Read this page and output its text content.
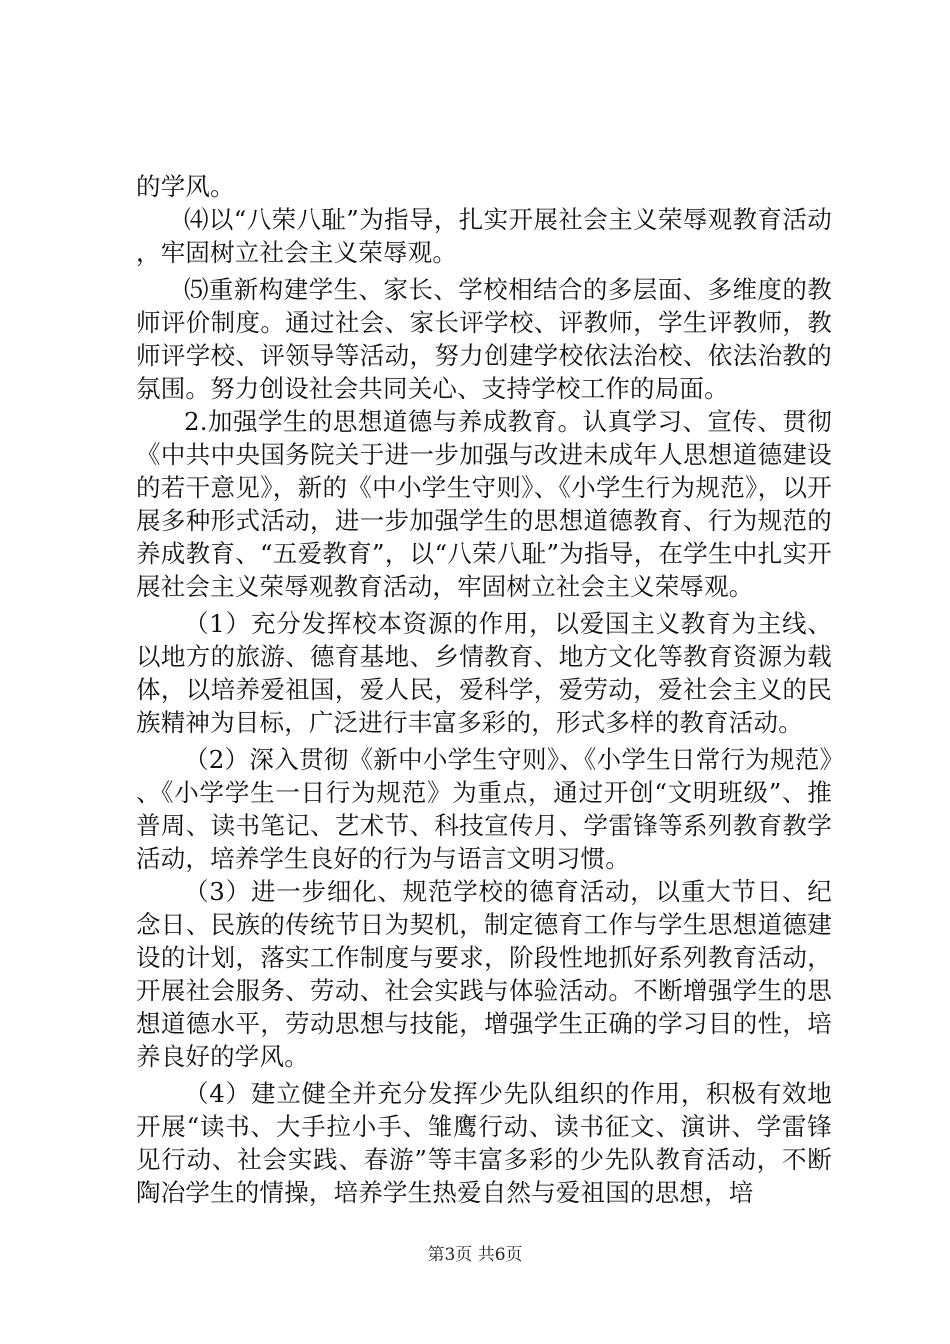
的学风。

⑷以“八荣八耻”为指导，扎实开展社会主义荣辱观教育活动，牢固树立社会主义荣辱观。

⑸重新构建学生、家长、学校相结合的多层面、多维度的教师评价制度。通过社会、家长评学校、评教师，学生评教师，教师评学校、评领导等活动，努力创建学校依法治校、依法治教的氛围。努力创设社会共同关心、支持学校工作的局面。

2.加强学生的思想道德与养成教育。认真学习、宣传、贯彻《中共中央国务院关于进一步加强与改进未成年人思想道德建设的若干意见》，新的《中小学生守则》、《小学生行为规范》，以开展多种形式活动，进一步加强学生的思想道德教育、行为规范的养成教育、“五爱教育”，以“八荣八耻”为指导，在学生中扎实开展社会主义荣辱观教育活动，牢固树立社会主义荣辱观。

（1）充分发挥校本资源的作用，以爱国主义教育为主线、以地方的旅游、德育基地、乡情教育、地方文化等教育资源为载体，以培养爱祖国，爱人民，爱科学，爱劳动，爱社会主义的民族精神为目标，广泛进行丰富多彩的，形式多样的教育活动。

（2）深入贯彻《新中小学生守则》、《小学生日常行为规范》、《小学学生一日行为规范》为重点，通过开创“文明班级”、推普周、读书笔记、艺术节、科技宣传月、学雷锋等系列教育教学活动，培养学生良好的行为与语言文明习惯。

（3）进一步细化、规范学校的德育活动，以重大节日、纪念日、民族的传统节日为契机，制定德育工作与学生思想道德建设的计划，落实工作制度与要求，阶段性地抓好系列教育活动，开展社会服务、劳动、社会实践与体验活动。不断增强学生的思想道德水平，劳动思想与技能，增强学生正确的学习目的性，培养良好的学风。

（4）建立健全并充分发挥少先队组织的作用，积极有效地开展“读书、大手拉小手、雏鹰行动、读书征文、演讲、学雷锋见行动、社会实践、春游”等丰富多彩的少先队教育活动，不断陶冶学生的情操，培养学生热爱自然与爱祖国的思想，培

第3页 共6页
